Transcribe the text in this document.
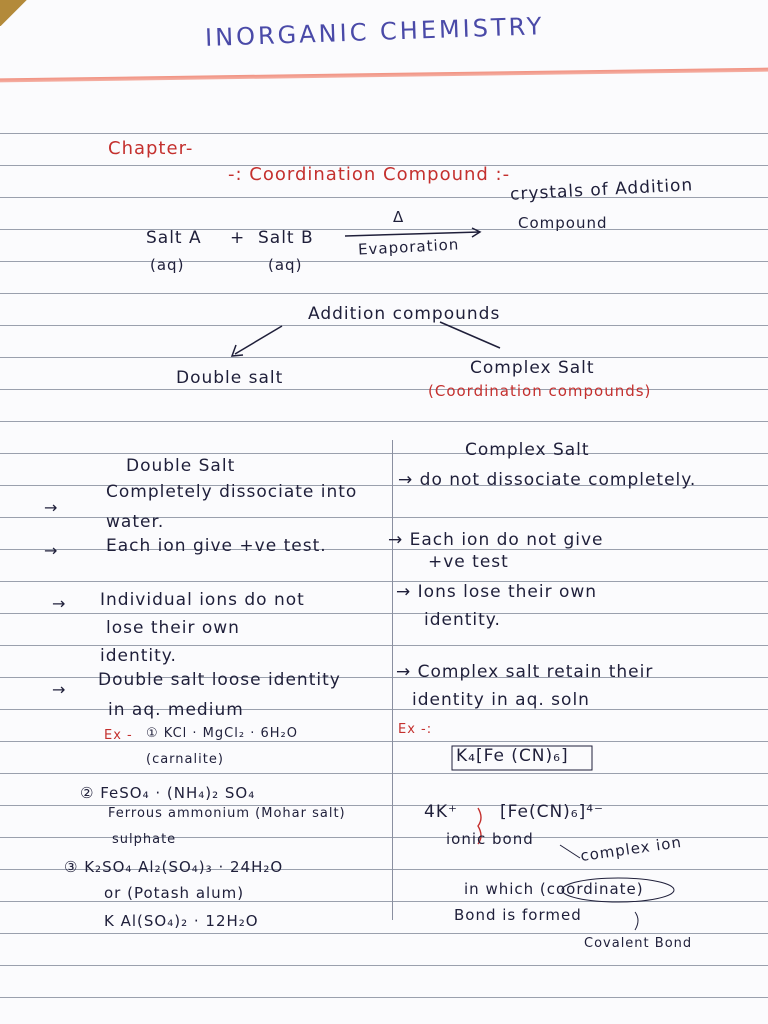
INORGANIC CHEMISTRY
Chapter-
-: Coordination Compound :-
Salt A + Salt B
(aq)	(aq)
Δ
Evaporation
crystals of Addition
Compound
Addition compounds
Double salt	Complex Salt
(Coordination compounds)
Double Salt
Complex Salt
→
→
→
→
Completely dissociate into
water.
Each ion give +ve test.
Individual ions do not
lose their own
identity.
Double salt loose identity
in aq. medium
→ do not dissociate completely.
→ Each ion do not give
+ve test
→ Ions lose their own
identity.
→ Complex salt retain their
identity in aq. soln
Ex - ① KCl · MgCl₂ · 6H₂O
(carnalite)
② FeSO₄ · (NH₄)₂ SO₄
Ferrous ammonium (Mohar salt)
sulphate
③ K₂SO₄ Al₂(SO₄)₃ · 24H₂O
or (Potash alum)
K Al(SO₄)₂ · 12H₂O
Ex -:
K₄[Fe (CN)₆]
4K⁺ [Fe(CN)₆]⁴⁻
ionic bond	complex ion
in which (coordinate)
Bond is formed
Covalent Bond
